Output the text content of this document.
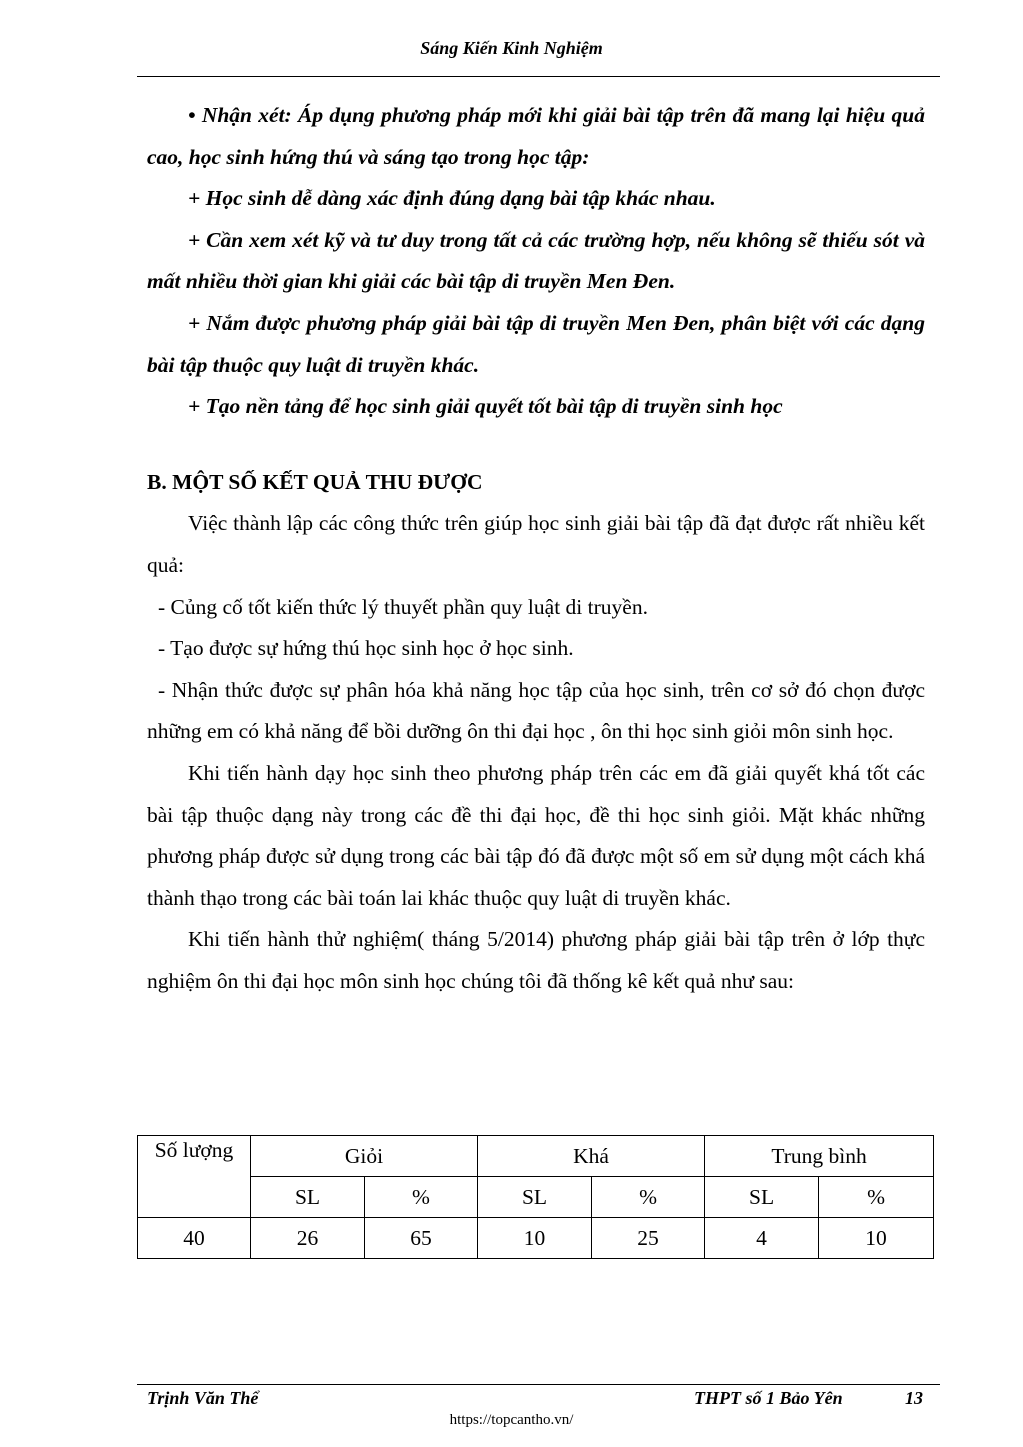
Sáng Kiến Kinh Nghiệm

• Nhận xét: Áp dụng phương pháp mới khi giải bài tập trên đã mang lại hiệu quả cao, học sinh hứng thú và sáng tạo trong học tập:

+ Học sinh dễ dàng xác định đúng dạng bài tập khác nhau.

+ Cần xem xét kỹ và tư duy trong tất cả các trường hợp, nếu không sẽ thiếu sót và mất nhiều thời gian khi giải các bài tập di truyền Men Đen.

+ Nắm được phương pháp giải bài tập di truyền Men Đen, phân biệt với các dạng bài tập thuộc quy luật di truyền khác.

+ Tạo nền tảng để học sinh giải quyết tốt bài tập di truyền sinh học

B. MỘT SỐ KẾT QUẢ THU ĐƯỢC

Việc thành lập các công thức trên giúp học sinh giải bài tập đã đạt được rất nhiều kết quả:

- Củng cố tốt kiến thức lý thuyết phần quy luật di truyền.

- Tạo được sự hứng thú học sinh học ở học sinh.

- Nhận thức được sự phân hóa khả năng học tập của học sinh, trên cơ sở đó chọn được những em có khả năng để bồi dưỡng ôn thi đại học , ôn thi học sinh giỏi môn sinh học.

Khi tiến hành dạy học sinh theo phương pháp trên các em đã giải quyết khá tốt các bài tập thuộc dạng này trong các đề thi đại học, đề thi học sinh giỏi. Mặt khác những phương pháp được sử dụng trong các bài tập đó đã được một số em sử dụng một cách khá thành thạo trong các bài toán lai khác thuộc quy luật di truyền khác.

Khi tiến hành thử nghiệm( tháng 5/2014) phương pháp giải bài tập trên ở lớp thực nghiệm ôn thi đại học môn sinh học chúng tôi đã thống kê kết quả như sau:

Số lượng	Giỏi		Khá		Trung bình	
	SL	%	SL	%	SL	%
40	26	65	10	25	4	10
Trịnh Văn Thể	THPT số 1 Bảo Yên	13
https://topcantho.vn/
